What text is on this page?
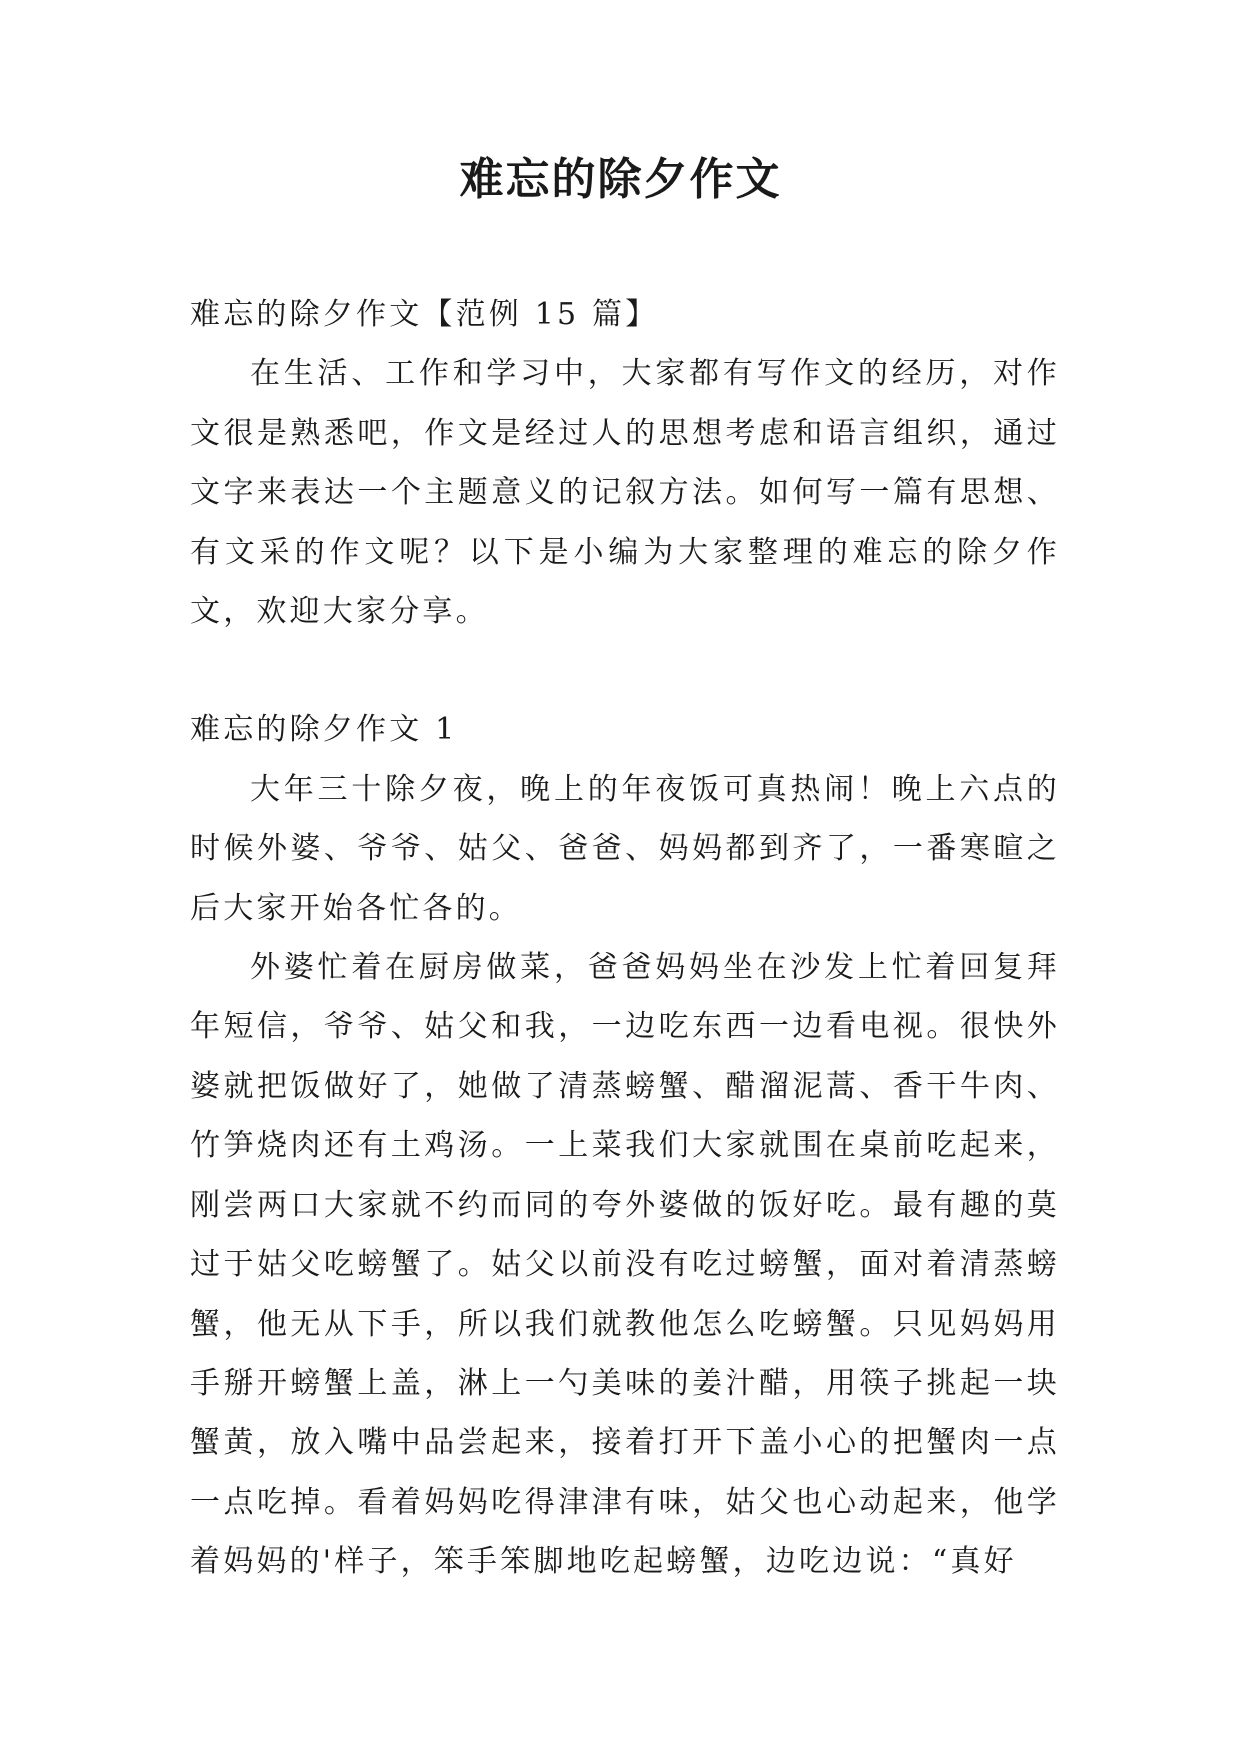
难忘的除夕作文

难忘的除夕作文【范例 15 篇】

在生活、工作和学习中，大家都有写作文的经历，对作文很是熟悉吧，作文是经过人的思想考虑和语言组织，通过文字来表达一个主题意义的记叙方法。如何写一篇有思想、有文采的作文呢？以下是小编为大家整理的难忘的除夕作文，欢迎大家分享。

难忘的除夕作文 1

大年三十除夕夜，晚上的年夜饭可真热闹！晚上六点的时候外婆、爷爷、姑父、爸爸、妈妈都到齐了，一番寒暄之后大家开始各忙各的。

外婆忙着在厨房做菜，爸爸妈妈坐在沙发上忙着回复拜年短信，爷爷、姑父和我，一边吃东西一边看电视。很快外婆就把饭做好了，她做了清蒸螃蟹、醋溜泥蒿、香干牛肉、竹笋烧肉还有土鸡汤。一上菜我们大家就围在桌前吃起来，刚尝两口大家就不约而同的夸外婆做的饭好吃。最有趣的莫过于姑父吃螃蟹了。姑父以前没有吃过螃蟹，面对着清蒸螃蟹，他无从下手，所以我们就教他怎么吃螃蟹。只见妈妈用手掰开螃蟹上盖，淋上一勺美味的姜汁醋，用筷子挑起一块蟹黄，放入嘴中品尝起来，接着打开下盖小心的把蟹肉一点一点吃掉。看着妈妈吃得津津有味，姑父也心动起来，他学着妈妈的'样子，笨手笨脚地吃起螃蟹，边吃边说：“真好
